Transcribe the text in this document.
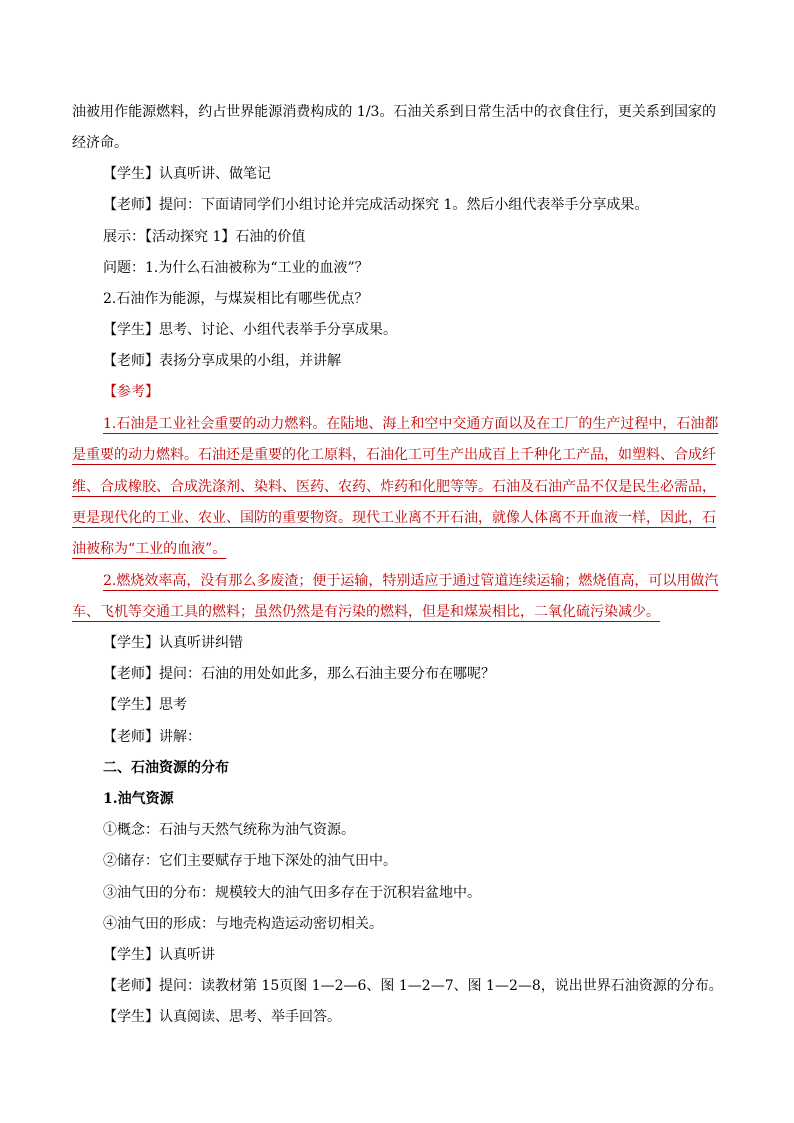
油被用作能源燃料，约占世界能源消费构成的 1/3。石油关系到日常生活中的衣食住行，更关系到国家的
经济命。
【学生】认真听讲、做笔记
【老师】提问：下面请同学们小组讨论并完成活动探究 1。然后小组代表举手分享成果。
展示：【活动探究 1】石油的价值
问题：1.为什么石油被称为“工业的血液”？
2.石油作为能源，与煤炭相比有哪些优点？
【学生】思考、讨论、小组代表举手分享成果。
【老师】表扬分享成果的小组，并讲解
【参考】
1.石油是工业社会重要的动力燃料。在陆地、海上和空中交通方面以及在工厂的生产过程中，石油都
是重要的动力燃料。石油还是重要的化工原料，石油化工可生产出成百上千种化工产品，如塑料、合成纤
维、合成橡胶、合成洗涤剂、染料、医药、农药、炸药和化肥等等。石油及石油产品不仅是民生必需品，
更是现代化的工业、农业、国防的重要物资。现代工业离不开石油，就像人体离不开血液一样，因此，石
油被称为“工业的血液”。
2.燃烧效率高，没有那么多废渣；便于运输，特别适应于通过管道连续运输；燃烧值高，可以用做汽
车、飞机等交通工具的燃料；虽然仍然是有污染的燃料，但是和煤炭相比，二氧化硫污染减少。
【学生】认真听讲纠错
【老师】提问：石油的用处如此多，那么石油主要分布在哪呢？
【学生】思考
【老师】讲解：
二、石油资源的分布
1.油气资源
①概念：石油与天然气统称为油气资源。
②储存：它们主要赋存于地下深处的油气田中。
③油气田的分布：规模较大的油气田多存在于沉积岩盆地中。
④油气田的形成：与地壳构造运动密切相关。
【学生】认真听讲
【老师】提问：读教材第 15页图 1—2—6、图 1—2—7、图 1—2—8，说出世界石油资源的分布。
【学生】认真阅读、思考、举手回答。
